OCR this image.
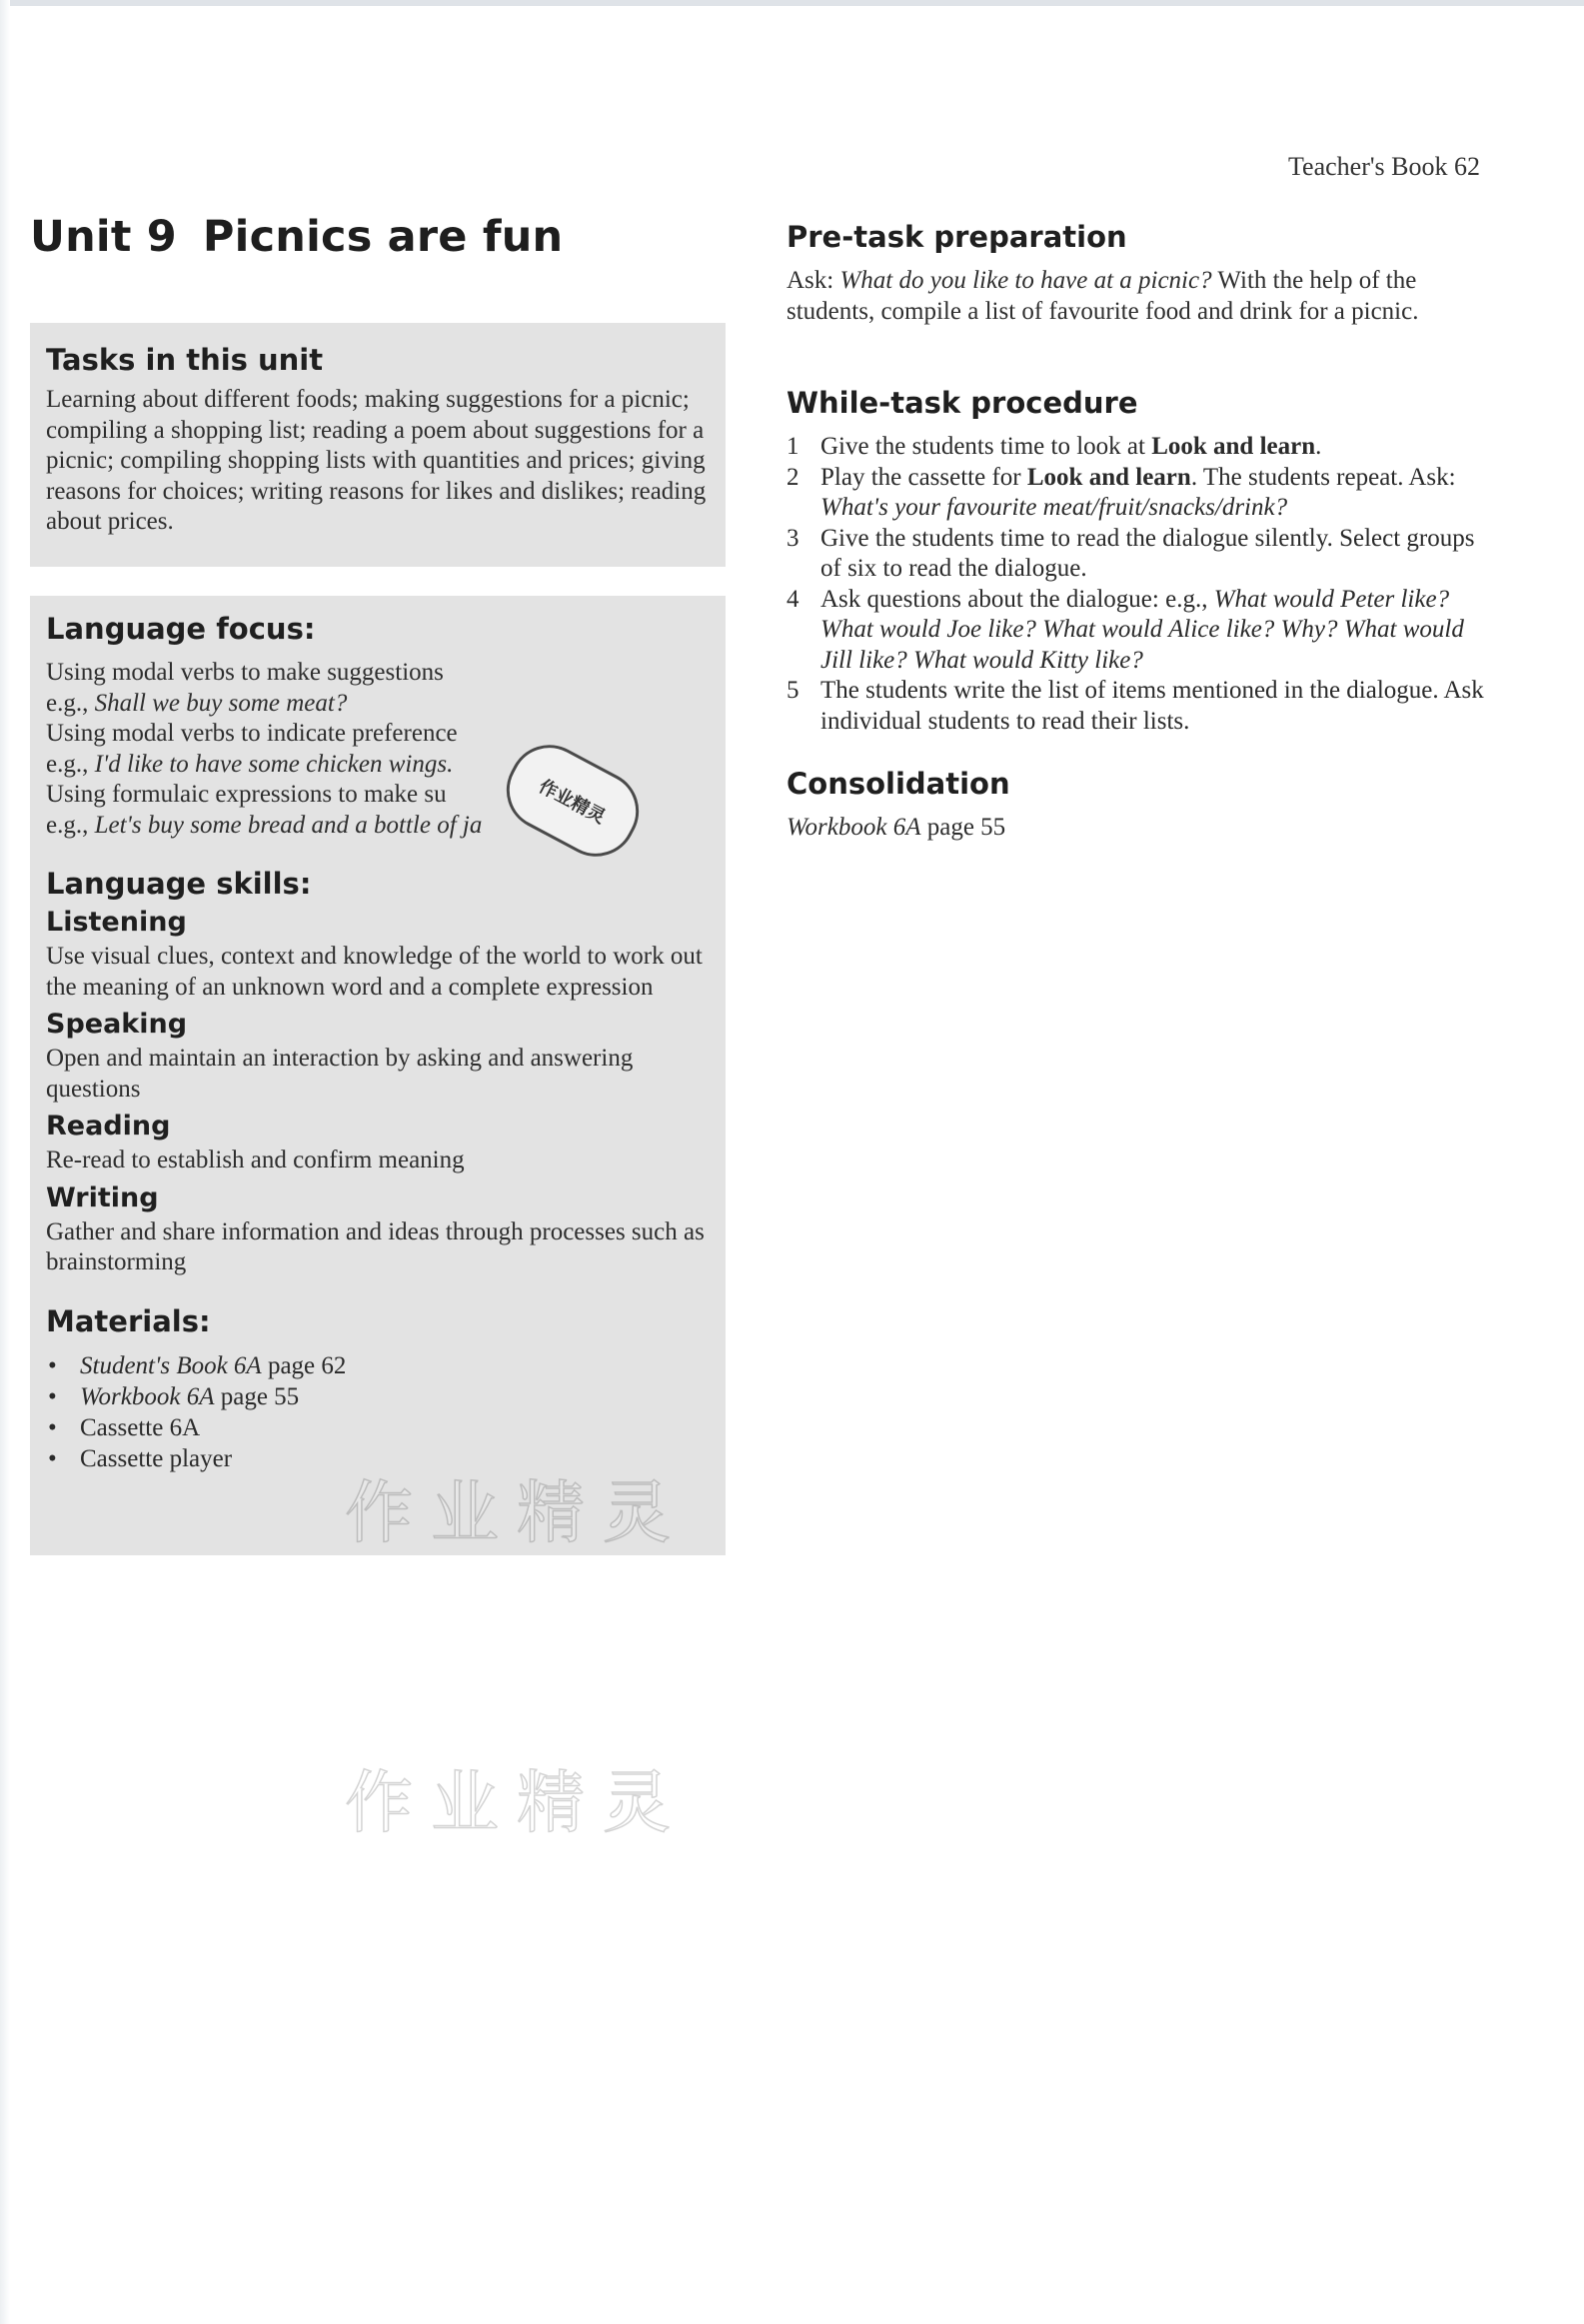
Teacher's Book 62
Unit 9 Picnics are fun
Tasks in this unit

Learning about different foods; making suggestions for a picnic; compiling a shopping list; reading a poem about suggestions for a picnic; compiling shopping lists with quantities and prices; giving reasons for choices; writing reasons for likes and dislikes; reading about prices.

Language focus:

Using modal verbs to make suggestions

e.g., Shall we buy some meat?

Using modal verbs to indicate preference

e.g., I'd like to have some chicken wings.

Using formulaic expressions to make su

e.g., Let's buy some bread and a bottle of ja

Language skills:
Listening

Use visual clues, context and knowledge of the world to work out the meaning of an unknown word and a complete expression

Speaking

Open and maintain an interaction by asking and answering questions

Reading

Re-read to establish and confirm meaning

Writing

Gather and share information and ideas through processes such as brainstorming

Materials:
• Student's Book 6A page 62
• Workbook 6A page 55
• Cassette 6A
• Cassette player
Pre-task preparation

Ask: What do you like to have at a picnic? With the help of the students, compile a list of favourite food and drink for a picnic.

While-task procedure
1 Give the students time to look at Look and learn.
2 Play the cassette for Look and learn. The students repeat. Ask: What's your favourite meat/fruit/snacks/drink?
3 Give the students time to read the dialogue silently. Select groups of six to read the dialogue.
4 Ask questions about the dialogue: e.g., What would Peter like? What would Joe like? What would Alice like? Why? What would Jill like? What would Kitty like?
5 The students write the list of items mentioned in the dialogue. Ask individual students to read their lists.
Consolidation

Workbook 6A page 55

作业精灵
作业精灵
作业精灵
